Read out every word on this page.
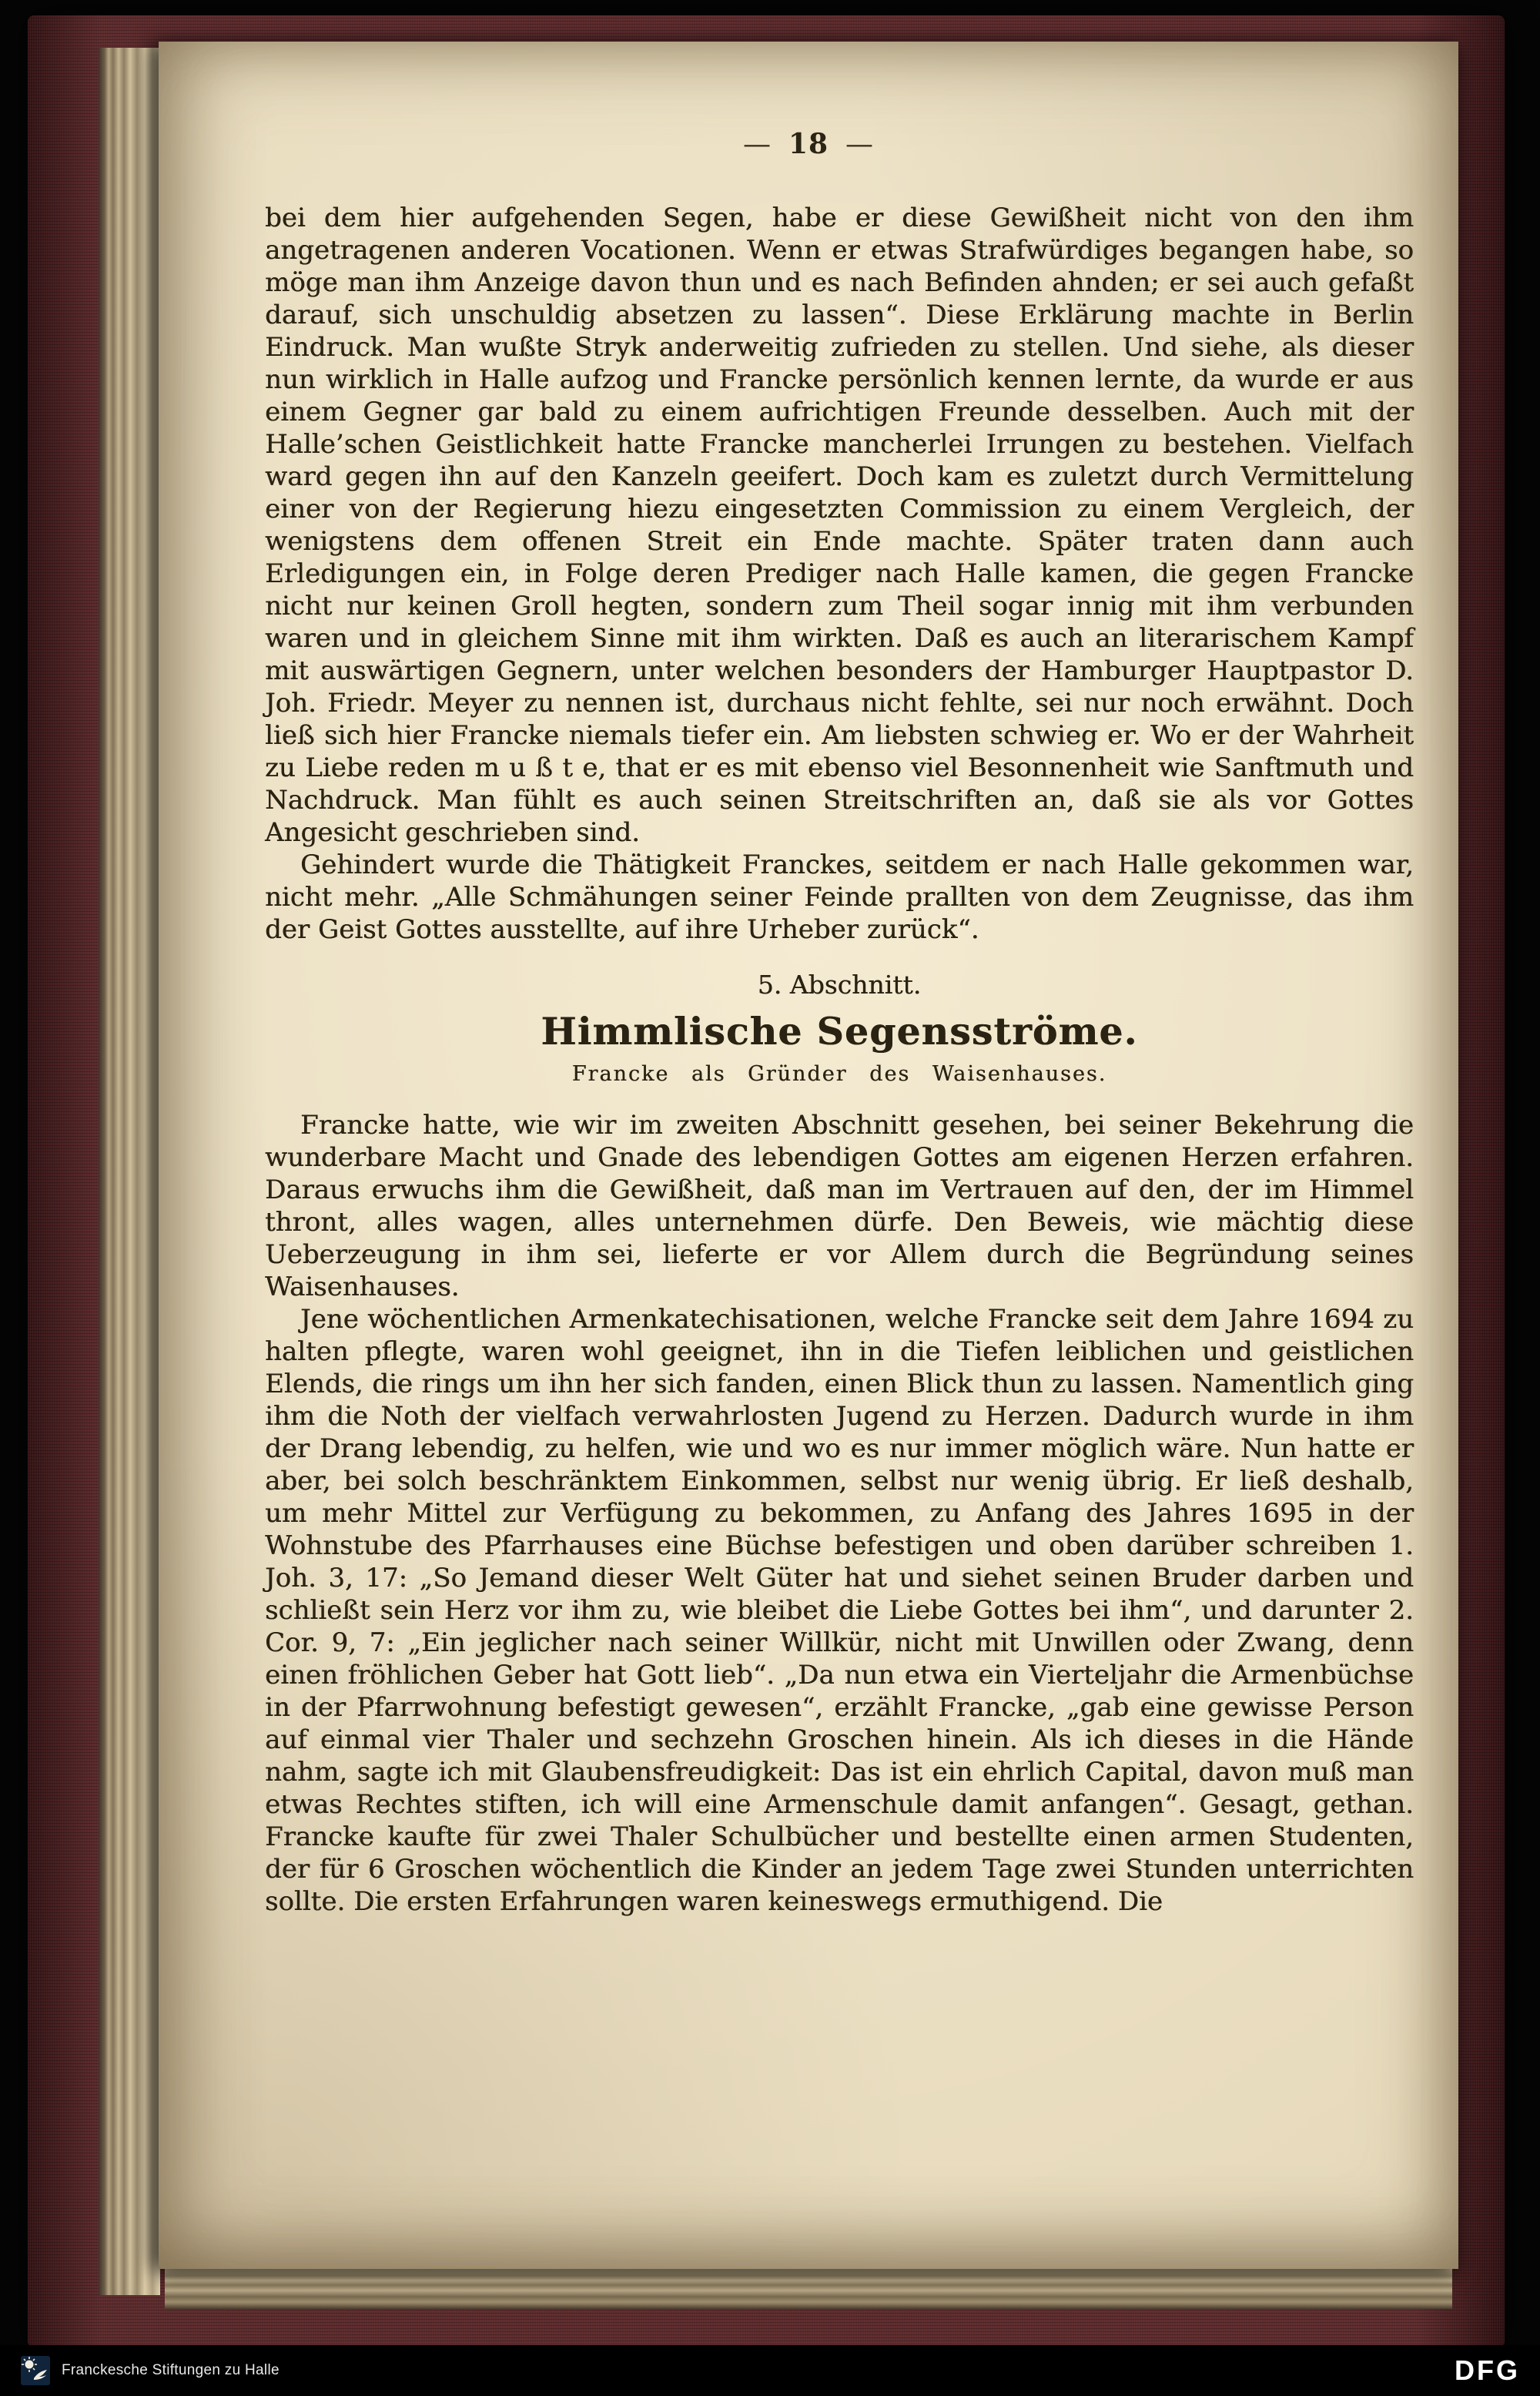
— 18 —

bei dem hier aufgehenden Segen, habe er diese Gewißheit nicht von den ihm angetragenen anderen Vocationen. Wenn er etwas Strafwürdiges begangen habe, so möge man ihm Anzeige davon thun und es nach Befinden ahnden; er sei auch gefaßt darauf, sich unschuldig absetzen zu lassen“. Diese Erklärung machte in Berlin Eindruck. Man wußte Stryk anderweitig zufrieden zu stellen. Und siehe, als dieser nun wirklich in Halle aufzog und Francke persönlich kennen lernte, da wurde er aus einem Gegner gar bald zu einem aufrichtigen Freunde desselben. Auch mit der Halle’schen Geistlichkeit hatte Francke mancherlei Irrungen zu bestehen. Vielfach ward gegen ihn auf den Kanzeln geeifert. Doch kam es zuletzt durch Vermittelung einer von der Regierung hiezu eingesetzten Commission zu einem Vergleich, der wenigstens dem offenen Streit ein Ende machte. Später traten dann auch Erledigungen ein, in Folge deren Prediger nach Halle kamen, die gegen Francke nicht nur keinen Groll hegten, sondern zum Theil sogar innig mit ihm verbunden waren und in gleichem Sinne mit ihm wirkten. Daß es auch an literarischem Kampf mit auswärtigen Gegnern, unter welchen besonders der Hamburger Hauptpastor D. Joh. Friedr. Meyer zu nennen ist, durchaus nicht fehlte, sei nur noch erwähnt. Doch ließ sich hier Francke niemals tiefer ein. Am liebsten schwieg er. Wo er der Wahrheit zu Liebe reden m u ß t e, that er es mit ebenso viel Besonnenheit wie Sanftmuth und Nachdruck. Man fühlt es auch seinen Streitschriften an, daß sie als vor Gottes Angesicht geschrieben sind.

Gehindert wurde die Thätigkeit Franckes, seitdem er nach Halle gekommen war, nicht mehr. „Alle Schmähungen seiner Feinde prallten von dem Zeugnisse, das ihm der Geist Gottes ausstellte, auf ihre Urheber zurück“.

5. Abschnitt.
Himmlische Segensströme.
Francke als Gründer des Waisenhauses.

Francke hatte, wie wir im zweiten Abschnitt gesehen, bei seiner Bekehrung die wunderbare Macht und Gnade des lebendigen Gottes am eigenen Herzen erfahren. Daraus erwuchs ihm die Gewißheit, daß man im Vertrauen auf den, der im Himmel thront, alles wagen, alles unternehmen dürfe. Den Beweis, wie mächtig diese Ueberzeugung in ihm sei, lieferte er vor Allem durch die Begründung seines Waisenhauses.

Jene wöchentlichen Armenkatechisationen, welche Francke seit dem Jahre 1694 zu halten pflegte, waren wohl geeignet, ihn in die Tiefen leiblichen und geistlichen Elends, die rings um ihn her sich fanden, einen Blick thun zu lassen. Namentlich ging ihm die Noth der vielfach verwahrlosten Jugend zu Herzen. Dadurch wurde in ihm der Drang lebendig, zu helfen, wie und wo es nur immer möglich wäre. Nun hatte er aber, bei solch beschränktem Einkommen, selbst nur wenig übrig. Er ließ deshalb, um mehr Mittel zur Verfügung zu bekommen, zu Anfang des Jahres 1695 in der Wohnstube des Pfarrhauses eine Büchse befestigen und oben darüber schreiben 1. Joh. 3, 17: „So Jemand dieser Welt Güter hat und siehet seinen Bruder darben und schließt sein Herz vor ihm zu, wie bleibet die Liebe Gottes bei ihm“, und darunter 2. Cor. 9, 7: „Ein jeglicher nach seiner Willkür, nicht mit Unwillen oder Zwang, denn einen fröhlichen Geber hat Gott lieb“. „Da nun etwa ein Vierteljahr die Armenbüchse in der Pfarrwohnung befestigt gewesen“, erzählt Francke, „gab eine gewisse Person auf einmal vier Thaler und sechzehn Groschen hinein. Als ich dieses in die Hände nahm, sagte ich mit Glaubensfreudigkeit: Das ist ein ehrlich Capital, davon muß man etwas Rechtes stiften, ich will eine Armenschule damit anfangen“. Gesagt, gethan. Francke kaufte für zwei Thaler Schulbücher und bestellte einen armen Studenten, der für 6 Groschen wöchentlich die Kinder an jedem Tage zwei Stunden unterrichten sollte. Die ersten Erfahrungen waren keineswegs ermuthigend. Die

Franckesche Stiftungen zu Halle	DFG
